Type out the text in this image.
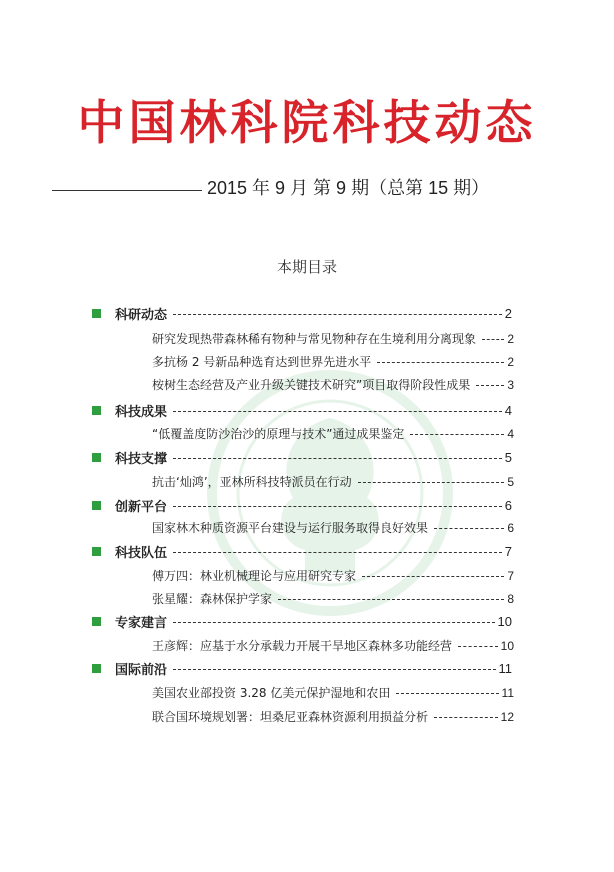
中国林科院科技动态
2015 年 9 月 第 9 期（总第 15 期）
本期目录
科研动态	2
研究发现热带森林稀有物种与常见物种存在生境利用分离现象	2
多抗杨 2 号新品种选育达到世界先进水平	2
桉树生态经营及产业升级关键技术研究”项目取得阶段性成果	3
科技成果	4
“低覆盖度防沙治沙的原理与技术”通过成果鉴定	4
科技支撑	5
抗击‘灿鸿’，亚林所科技特派员在行动	5
创新平台	6
国家林木种质资源平台建设与运行服务取得良好效果	6
科技队伍	7
傅万四：林业机械理论与应用研究专家	7
张星耀：森林保护学家	8
专家建言	10
王彦辉：应基于水分承载力开展干旱地区森林多功能经营	10
国际前沿	11
美国农业部投资 3.28 亿美元保护湿地和农田	11
联合国环境规划署：坦桑尼亚森林资源利用损益分析	12
